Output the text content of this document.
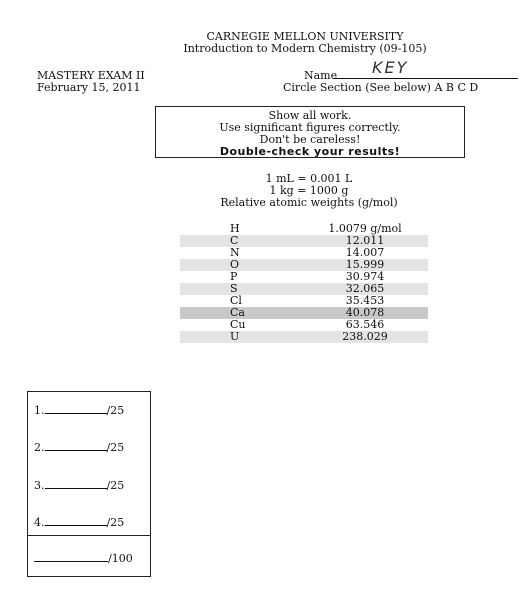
CARNEGIE MELLON UNIVERSITY
Introduction to Modern Chemistry (09-105)
MASTERY EXAM II
February 15, 2011
Name KEY
Circle Section (See below) A B C D
Show all work.
Use significant figures correctly.
Don't be careless!
Double-check your results!
1 mL = 0.001 L
1 kg = 1000 g
Relative atomic weights (g/mol)
H	1.0079 g/mol
C	12.011
N	14.007
O	15.999
P	30.974
S	32.065
Cl	35.453
Ca	40.078
Cu	63.546
U	238.029
1.	/25
2.	/25
3.	/25
4.	/25
/100
